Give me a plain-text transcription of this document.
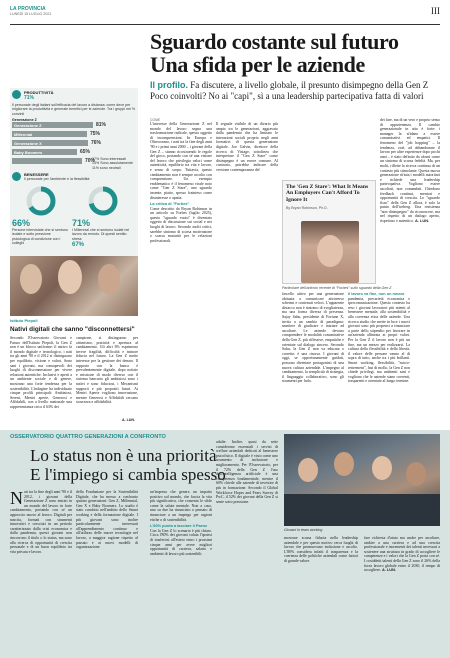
LA PROVINCIA
LUNEDÌ 15 LUGLIO 2021	III
PRODUTTIVITÀ
71%
Il personale degli italiani sull'efficacia del lavoro a distanza: come deve per migliorare la produttività e generale benefici per le aziende. Tra i gruppi nel % convinti
Generazione Z
Generazione Z	81%
Millennial	75%
Generazione X	76%
Baby Boomers	65%
70%
37% Sono interessati
14% Sono assolutamente
11% sono neutrali
BENESSERE
Il personale per l'ambiente e la flessibilità
66%
Persone intervistate che si sentono isolate e sotto pressione psicologica di condizione con i colleghi
71%
I Millennial che si sentono isolati nel lavoro da remoto. Di questi sentito stress
67%
Istituto Piepoli
Nativi digitali che sanno "disconnettersi"
Secondo l'Osservatorio Giovani e Futuro dell'Istituto Piepoli, la Gen Z non è un blocco uniforme: il nativo fa il mondo digitale e tecnologico, i nati tra gli anni '90 e il 2012 si distinguono per equilibrio, visione e valori. Sono sani i giovani, ma consapevoli dei luoghi di disconnessione per vivere relazioni autentiche. Inclusivi e aperti a un ambiente sociale e di genere, mostrano una forte tendenza per la sostenibilità. L'indagine ha individuato cinque profili principali: Ambiziosi, Sereni, Mentri aperte, Generosi e Affidabili, con a livello nazionale una rappresentanza circa il 63% dei
campione, si distinguono per ottimismo, praticità e apertura al cambiamento. Gli altri 6% esprimono invece fragilità, difficoltà e minore fiducia nel futuro. La Gen Z mette interesse per la gestione dei denaro. Il rapporto con la banca è prevalentemente digitale, dopo notizie e missione di modo diverso con il sistema bancario gli ambiziosi sono i nativi e sono fiduciosi, i Mecanismi supporti e più propositi futuri. Ai Mentri Aperte vogliono innovazione, mentre Generosi e Affidabili cercano sicurezza e affidabilità.
A. LUN.
Sguardo costante sul futuro
Una sfida per le aziende
Il profilo. Fa discutere, a livello globale, il presunto disimpegno della Gen Z Poco coinvolti? No ai "capi", sì a una leadership partecipativa fatta di valori
COME
L'interesse della Generazione Z nel mondo del lavoro segna una trasformazione radicale, spesso oggetto di incomprensioni. In Europa e Oltreoceano, i nati tra la fine degli anni '90 e i primi anni 2000 – i giovani della Gen Z – stanno ricostruendo le regole del gioco, portando con sé una visione del lavoro che privilegia valori come autenticità, equilibrio tra vita e lavoro, e senso di scopo. Tuttavia, questo cambiamento non è sempre accolto con comprensione. Un esempio emblematico è il fenomeno virale noto come "Gen Z Stare", uno sguardo assente, piatto, spesso frainteso come disinteresse o apatia.
La critica di "Forbes"
Come descritto da Bryan Robinson in un articolo su Forbes (luglio 2025), questo "sguardo vuoto" è diventato oggetto di discussione sui social e nei luoghi di lavoro. Secondo molti critici, sarebbe sintomo di scarsa motivazione o scarsa maturità per le relazioni professionali.
Il segnale visibile di un divario più ampio tra le generazioni, aggravato dalla pandemia che ha limitato le interazioni sociali proprio negli anni formativi di questa generazione digitale. Joe Galvin, direttore della ricerca di Vistage, sottolinea che interpretare il "Gen Z Stare" come disimpegno è un errore comune. Al contrario, potrebbe indicare della versione contemporanea del
The 'Gen Z Stare': What It Means An Employers Can't Afford To Ignore It
By Bryan Robinson, Ph.D.
Particolare dell'articolo recente di "Forbes" sullo sguardo della Gen Z
fascello attivo per una generazione abituata a comunicare attraverso schermi e contenuti veloci. L'apparente distacco non è sintomo di svogliatezza, ma una forma diversa di presenza. Sajay Sahu, presidente di Fortune X, invita a un cambio di paradigma: smettere di giudicare e iniziare ad ascoltare. Le aziende devono comprendere le modalità comunicative della Gen Z, più riflessive, empatiche e orientate sul dialogo sincero. Secondo Sahu, la Gen Z non va educata o corretta: è una risorsa. I giovani di oggi, se opportunamente guidati, possono diventare protagonisti di una nuova cultura aziendale. L'impegno al cambiamento, la semplicità di strategia, il linguaggio collaborativo, sono gli strumenti per farlo.
Il lavoro va fine, non un mezzo
pandemia, precarietà economica e ipercomunicazione. Questo contesto ha reso i giovani lavoratori più attenti al benessere mentale, alla sostenibilità e alla coerenza etica delle aziende. Una ricerca studio che mette in luce i nuovi giovani sono più propensi a rinunciare a parte dello stipendio per lavorare in un'azienda allineata ai propri valori. Per la Gen Z il lavoro non è più un fine, ma un mezzo per realizzarsi. La cultura della flessibilità e della libertà, il valore delle persone vanno al di sopra di tutto, anche tra i più brillanti. Smart working, flessibilità, "micro-retirement", fasi di mollo, la Gen Z non chiede privilegi, ma ambienti sani e vogliono che le aziende siano coerenti, trasparenti e orientate al lungo termine.
dei fare, ma di un vero e proprio senso di appartenenza. Il cambio generazionale in atto è forte: i manager la sfidano a essere comunicativi ed empatici. Il fenomeno del "job hopping" – la tendenza, cioè, ad abbandonare il lavoro per altre esperienze dopo pochi anni – è stato definito da alcuni come un sintomo di scarsa fedeltà. Ma, per molti, riflette la ricerca continua di un contesto più stimolante. Questa nuova generazione rifiuta i modelli autoritari e richiede una leadership partecipativa. Vogliono essere ascoltati, non comandati. Chiedono feedback continui, mentori e opportunità di crescita. Lo "sguardo fisso" della Gen Z allora, è solo la punta dell'iceberg. Una resistenza "non disimpegno" da riconoscere, ma nel rispetto di un dialogo aperto, rispettoso e autentico. A. LUN.
OSSERVATORIO QUATTRO GENERAZIONI A CONFRONTO
Lo status non è una priorità
E l'impiego si cambia spesso
N ati tra la fine degli anni '90 e il 2012, i giovani della Generazione Z sono entrati in un mondo del lavoro in forte cambiamento, portando con sé un approccio nuovo al lavoro. Digitali per nascita, formati con strumenti innovativi e cresciuti in un periodo caratterizzato dalla crisi economica e dalla pandemia, questi giovani non rincorrono il titolo o lo status, ma sono alla ricerca di opportunità di crescita personale e di un buon equilibrio tra vita privata e lavoro.
della Fondazione per la Sostenibilità Digitale, che ha messo a confronto quattro generazioni: Gen Z, Millennial, Gen X e Baby Boomers. Lo studio è stato condotto nell'ambito dello Smart working e della formazione digitale. I più giovani sono inoltre particolarmente interessati all'apprendimento continuo e all'utilizzo delle nuove tecnologie nel lavoro, a maggior ragione rispetto al passato e ai nuovi modelli di organizzazione.
un'impresa che genera un impatto positivo sul mondo, che faccia la vita più significativa, che consenta le sfide come la salute mentale. Non a caso, uno su due ha rinunciato o pensato di rinunciare a un impiego per ragioni etiche o di sostenibilità.
L'80% punta a lasciare il Paese
Con la Gen Z lo scenario è più chiaro. Circa l'80% dei giovani valuta l'ipotesi di trasferirsi all'estero entro i prossimi cinque anni per avere migliori opportunità di carriera, salario e ambienti di lavoro più sostenibili.
adulte. Inoltre, quasi da sette considerano essenziali i servizi di welfare aziendali dedicati al benessere psicofisico. Il digitale è visto come uno strumento di inclusione e miglioramento. Per l'Osservatorio, per il 72% della Gen Z l'uso dell'intelligenza artificiale è una competenza fondamentale, mentre il 60% chiede alle aziende di investire di più in formazione. Secondo il Global Workforce Hopes and Fears Survey di PwC, il 52% dei giovani della Gen Z si sente sotto pressione.
Giovani in team working
mostrare scarsa fiducia nella leadership aziendale e per questo motivo cerca luoghi di lavoro che promuovano inclusione e ascolto. L'80% considera infatti il trasparenza e la coerenza delle politiche aziendali come fattori di grande valore.
fare richiesta d'aiuto ma anche per ascoltare, ambire a una carriera e ad una crescita professionale e incrementi dei talenti necessari a sostenere una struttura in grado di accogliere le competenze e i valori che la Gen Z porta con sé. I cosiddetti talenti della Gen Z sono il 26% della forza lavoro globale entro il 2030, il tempo di accogliere. A. LUN.
